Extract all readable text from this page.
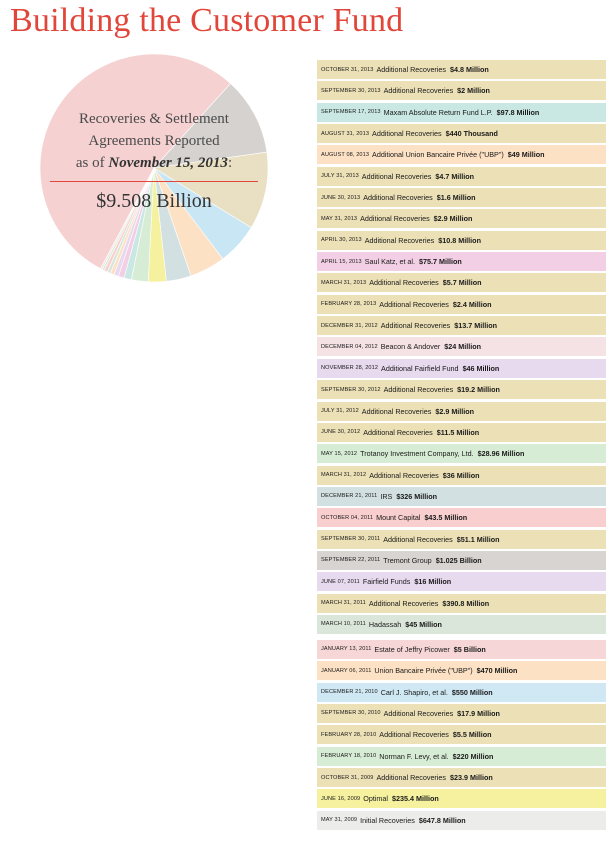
Building the Customer Fund
Recoveries & Settlement
Agreements Reported
as of November 15, 2013:
$9.508 Billion
OCTOBER 31, 2013 Additional Recoveries $4.8 Million
SEPTEMBER 30, 2013 Additional Recoveries $2 Million
SEPTEMBER 17, 2013 Maxam Absolute Return Fund L.P. $97.8 Million
AUGUST 31, 2013 Additional Recoveries $440 Thousand
AUGUST 08, 2013 Additional Union Bancaire Privée ("UBP") $49 Million
JULY 31, 2013 Additional Recoveries $4.7 Million
JUNE 30, 2013 Additional Recoveries $1.6 Million
MAY 31, 2013 Additional Recoveries $2.9 Million
APRIL 30, 2013 Additional Recoveries $10.8 Million
APRIL 15, 2013 Saul Katz, et al. $75.7 Million
MARCH 31, 2013 Additional Recoveries $5.7 Million
FEBRUARY 28, 2013 Additional Recoveries $2.4 Million
DECEMBER 31, 2012 Additional Recoveries $13.7 Million
DECEMBER 04, 2012 Beacon & Andover $24 Million
NOVEMBER 28, 2012 Additional Fairfield Fund $46 Million
SEPTEMBER 30, 2012 Additional Recoveries $19.2 Million
JULY 31, 2012 Additional Recoveries $2.9 Million
JUNE 30, 2012 Additional Recoveries $11.5 Million
MAY 15, 2012 Trotanoy Investment Company, Ltd. $28.96 Million
MARCH 31, 2012 Additional Recoveries $36 Million
DECEMBER 21, 2011 IRS $326 Million
OCTOBER 04, 2011 Mount Capital $43.5 Million
SEPTEMBER 30, 2011 Additional Recoveries $51.1 Million
SEPTEMBER 22, 2011 Tremont Group $1.025 Billion
JUNE 07, 2011 Fairfield Funds $16 Million
MARCH 31, 2011 Additional Recoveries $390.8 Million
MARCH 10, 2011 Hadassah $45 Million
JANUARY 13, 2011 Estate of Jeffry Picower $5 Billion
JANUARY 06, 2011 Union Bancaire Privée ("UBP") $470 Million
DECEMBER 21, 2010 Carl J. Shapiro, et al. $550 Million
SEPTEMBER 30, 2010 Additional Recoveries $17.9 Million
FEBRUARY 28, 2010 Additional Recoveries $5.5 Million
FEBRUARY 18, 2010 Norman F. Levy, et al. $220 Million
OCTOBER 31, 2009 Additional Recoveries $23.9 Million
JUNE 16, 2009 Optimal $235.4 Million
MAY 31, 2009 Initial Recoveries $647.8 Million
